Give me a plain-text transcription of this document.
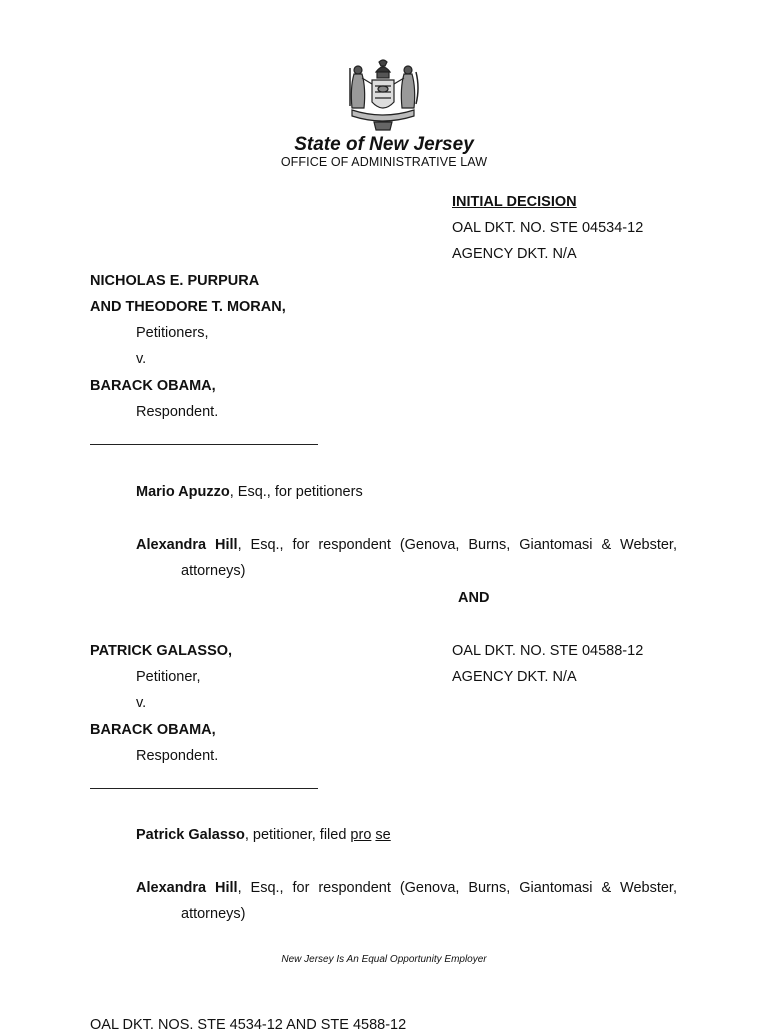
State of New Jersey
OFFICE OF ADMINISTRATIVE LAW
INITIAL DECISION
OAL DKT. NO. STE 04534-12
AGENCY DKT. N/A
NICHOLAS E. PURPURA
AND THEODORE T. MORAN,
Petitioners,
v.
BARACK OBAMA,
Respondent.
Mario Apuzzo, Esq., for petitioners
Alexandra Hill, Esq., for respondent (Genova, Burns, Giantomasi & Webster,
attorneys)
AND
PATRICK GALASSO,	OAL DKT. NO. STE 04588-12
Petitioner,	AGENCY DKT. N/A
v.
BARACK OBAMA,
Respondent.
Patrick Galasso, petitioner, filed pro se
Alexandra Hill, Esq., for respondent (Genova, Burns, Giantomasi & Webster,
attorneys)
New Jersey Is An Equal Opportunity Employer
OAL DKT. NOS. STE 4534-12 AND STE 4588-12
